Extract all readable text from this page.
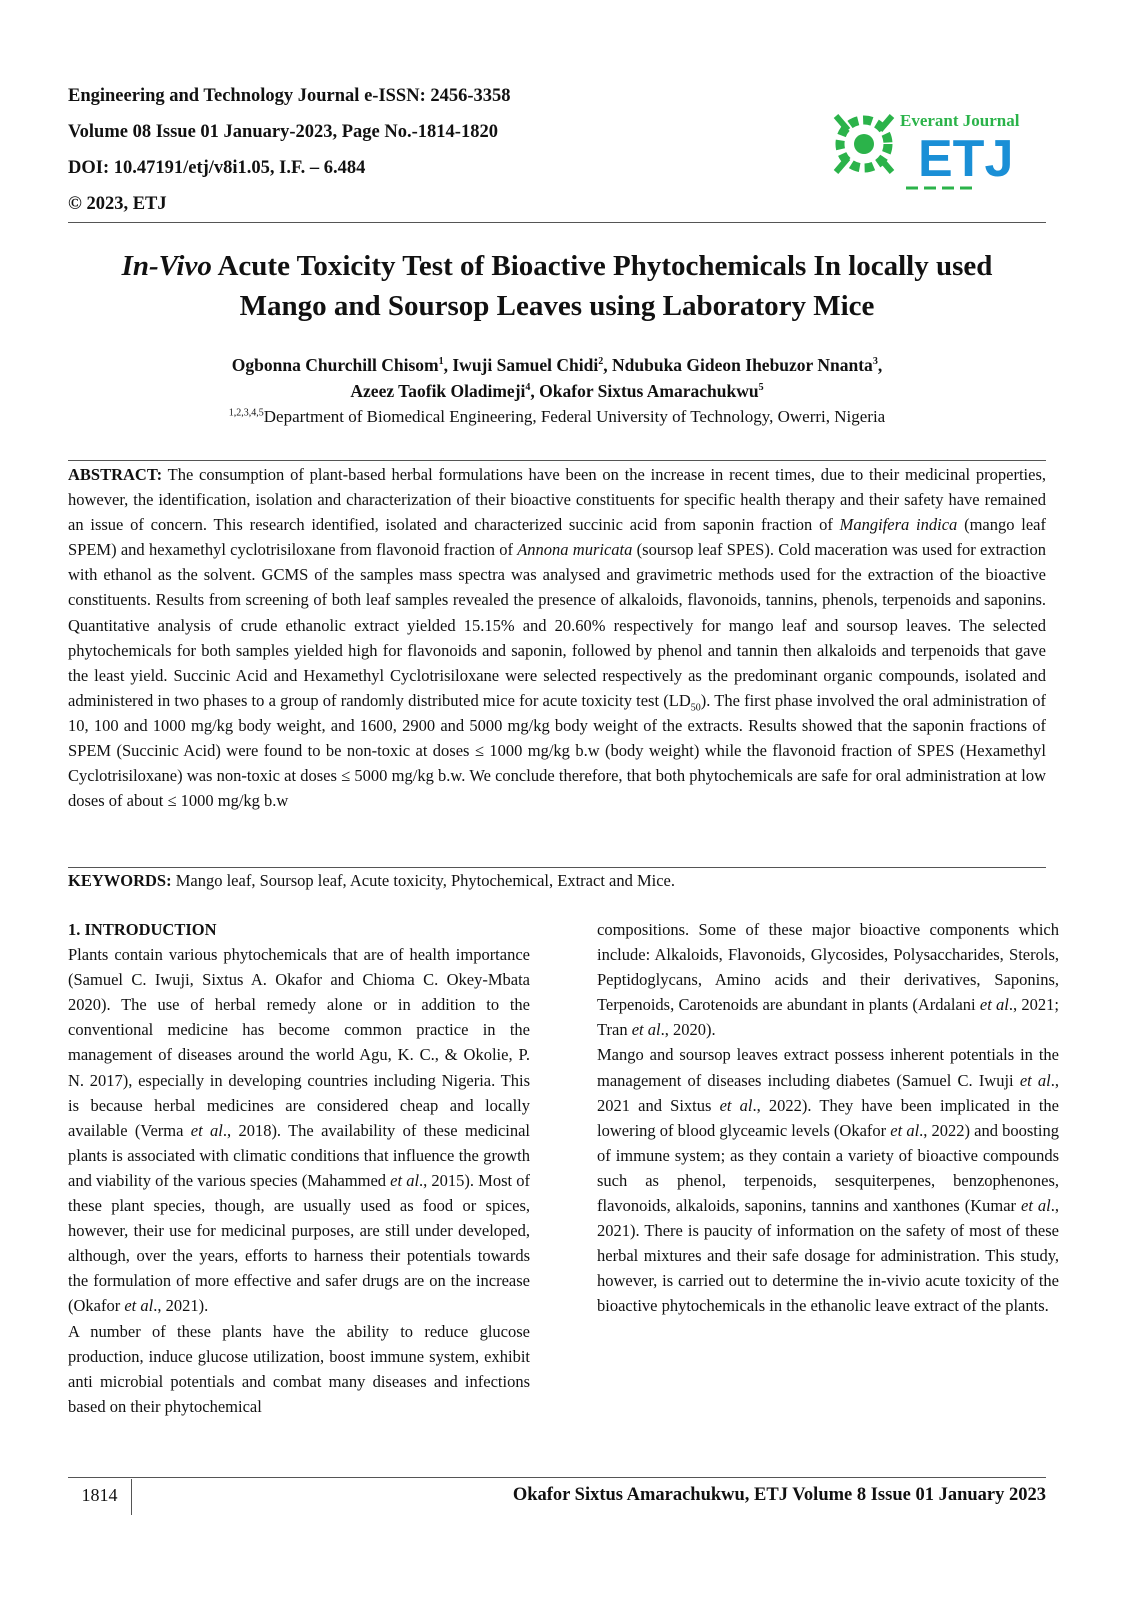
Engineering and Technology Journal e-ISSN: 2456-3358
Volume 08 Issue 01 January-2023, Page No.-1814-1820
DOI: 10.47191/etj/v8i1.05, I.F. – 6.484
© 2023, ETJ
Everant Journal
ETJ
In-Vivo Acute Toxicity Test of Bioactive Phytochemicals In locally used
Mango and Soursop Leaves using Laboratory Mice
Ogbonna Churchill Chisom$^1$, Iwuji Samuel Chidi$^2$, Ndubuka Gideon Ihebuzor Nnanta$^3$,
Azeez Taofik Oladimeji$^4$, Okafor Sixtus Amarachukwu$^5$
$^{1,2,3,4,5}$Department of Biomedical Engineering, Federal University of Technology, Owerri, Nigeria
ABSTRACT: The consumption of plant-based herbal formulations have been on the increase in recent times, due to their medicinal properties, however, the identification, isolation and characterization of their bioactive constituents for specific health therapy and their safety have remained an issue of concern. This research identified, isolated and characterized succinic acid from saponin fraction of Mangifera indica (mango leaf SPEM) and hexamethyl cyclotrisiloxane from flavonoid fraction of Annona muricata (soursop leaf SPES). Cold maceration was used for extraction with ethanol as the solvent. GCMS of the samples mass spectra was analysed and gravimetric methods used for the extraction of the bioactive constituents. Results from screening of both leaf samples revealed the presence of alkaloids, flavonoids, tannins, phenols, terpenoids and saponins. Quantitative analysis of crude ethanolic extract yielded 15.15% and 20.60% respectively for mango leaf and soursop leaves. The selected phytochemicals for both samples yielded high for flavonoids and saponin, followed by phenol and tannin then alkaloids and terpenoids that gave the least yield. Succinic Acid and Hexamethyl Cyclotrisiloxane were selected respectively as the predominant organic compounds, isolated and administered in two phases to a group of randomly distributed mice for acute toxicity test $(LD_{50})$. The first phase involved the oral administration of 10, 100 and 1000 mg/kg body weight, and 1600, 2900 and 5000 mg/kg body weight of the extracts. Results showed that the saponin fractions of SPEM (Succinic Acid) were found to be non-toxic at doses ≤ 1000 mg/kg b.w (body weight) while the flavonoid fraction of SPES (Hexamethyl Cyclotrisiloxane) was non-toxic at doses ≤ 5000 mg/kg b.w. We conclude therefore, that both phytochemicals are safe for oral administration at low doses of about ≤ 1000 mg/kg b.w
KEYWORDS: Mango leaf, Soursop leaf, Acute toxicity, Phytochemical, Extract and Mice.

1. INTRODUCTION

Plants contain various phytochemicals that are of health importance (Samuel C. Iwuji, Sixtus A. Okafor and Chioma C. Okey-Mbata 2020). The use of herbal remedy alone or in addition to the conventional medicine has become common practice in the management of diseases around the world Agu, K. C., & Okolie, P. N. 2017), especially in developing countries including Nigeria. This is because herbal medicines are considered cheap and locally available (Verma et al., 2018). The availability of these medicinal plants is associated with climatic conditions that influence the growth and viability of the various species (Mahammed et al., 2015). Most of these plant species, though, are usually used as food or spices, however, their use for medicinal purposes, are still under developed, although, over the years, efforts to harness their potentials towards the formulation of more effective and safer drugs are on the increase (Okafor et al., 2021).

A number of these plants have the ability to reduce glucose production, induce glucose utilization, boost immune system, exhibit anti microbial potentials and combat many diseases and infections based on their phytochemical

compositions. Some of these major bioactive components which include: Alkaloids, Flavonoids, Glycosides, Polysaccharides, Sterols, Peptidoglycans, Amino acids and their derivatives, Saponins, Terpenoids, Carotenoids are abundant in plants (Ardalani et al., 2021; Tran et al., 2020).

Mango and soursop leaves extract possess inherent potentials in the management of diseases including diabetes (Samuel C. Iwuji et al., 2021 and Sixtus et al., 2022). They have been implicated in the lowering of blood glyceamic levels (Okafor et al., 2022) and boosting of immune system; as they contain a variety of bioactive compounds such as phenol, terpenoids, sesquiterpenes, benzophenones, flavonoids, alkaloids, saponins, tannins and xanthones (Kumar et al., 2021). There is paucity of information on the safety of most of these herbal mixtures and their safe dosage for administration. This study, however, is carried out to determine the in-vivio acute toxicity of the bioactive phytochemicals in the ethanolic leave extract of the plants.

1814	Okafor Sixtus Amarachukwu, ETJ Volume 8 Issue 01 January 2023
